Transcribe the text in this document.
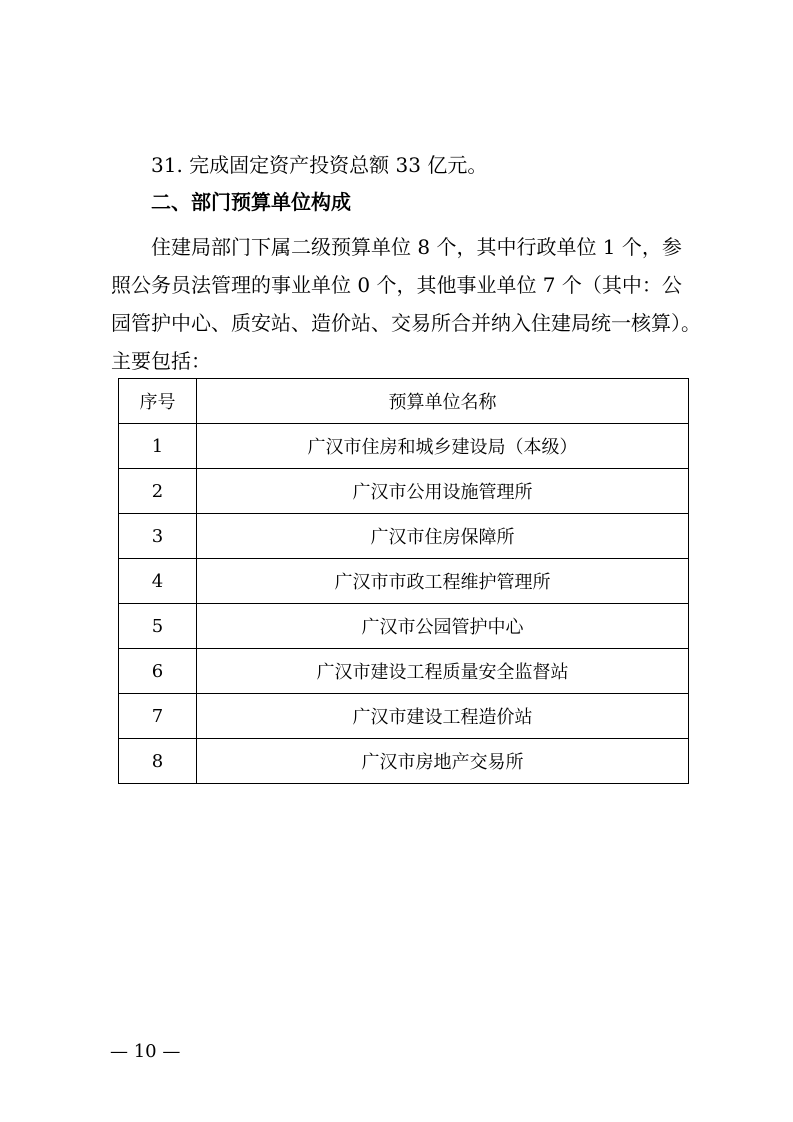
31. 完成固定资产投资总额 33 亿元。
二、部门预算单位构成
住建局部门下属二级预算单位 8 个，其中行政单位 1 个，参
照公务员法管理的事业单位 0 个，其他事业单位 7 个（其中：公
园管护中心、质安站、造价站、交易所合并纳入住建局统一核算）。
主要包括：
序号	预算单位名称
1	广汉市住房和城乡建设局（本级）
2	广汉市公用设施管理所
3	广汉市住房保障所
4	广汉市市政工程维护管理所
5	广汉市公园管护中心
6	广汉市建设工程质量安全监督站
7	广汉市建设工程造价站
8	广汉市房地产交易所
— 10 —
